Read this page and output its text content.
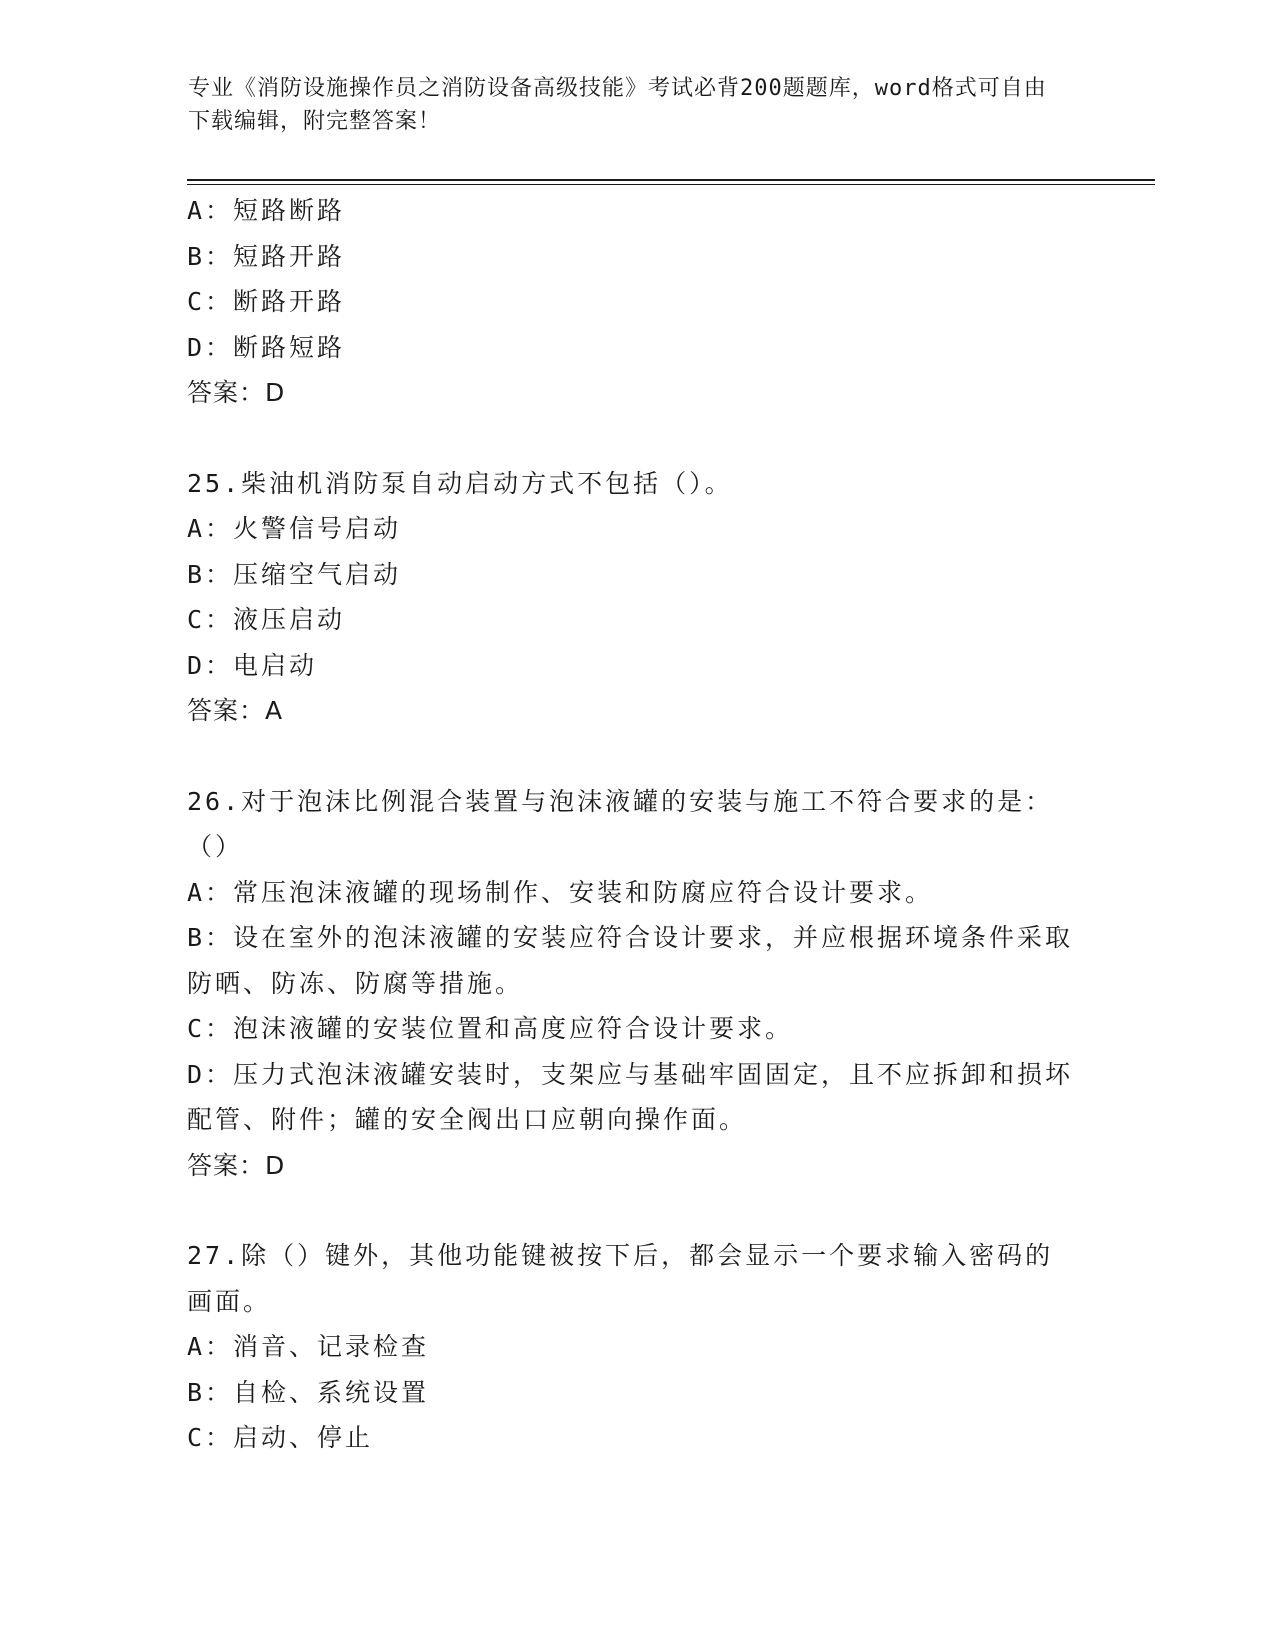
专业《消防设施操作员之消防设备高级技能》考试必背200题题库，word格式可自由下载编辑，附完整答案！
A：短路断路
B：短路开路
C：断路开路
D：断路短路
答案：D
25.柴油机消防泵自动启动方式不包括（）。
A：火警信号启动
B：压缩空气启动
C：液压启动
D：电启动
答案：A
26.对于泡沫比例混合装置与泡沫液罐的安装与施工不符合要求的是：（）
A：常压泡沫液罐的现场制作、安装和防腐应符合设计要求。
B：设在室外的泡沫液罐的安装应符合设计要求，并应根据环境条件采取防晒、防冻、防腐等措施。
C：泡沫液罐的安装位置和高度应符合设计要求。
D：压力式泡沫液罐安装时，支架应与基础牢固固定，且不应拆卸和损坏配管、附件；罐的安全阀出口应朝向操作面。
答案：D
27.除（）键外，其他功能键被按下后，都会显示一个要求输入密码的画面。
A：消音、记录检查
B：自检、系统设置
C：启动、停止
